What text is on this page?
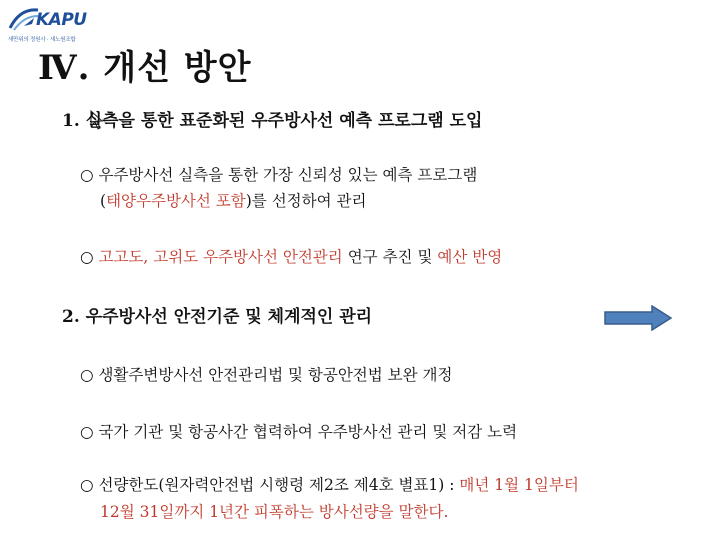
KAPU
새만위의 정원사 · 새노원조합
Ⅳ. 개선 방안
1. 실측을 통한 표준화된 우주방사선 예측 프로그램 도입
○ 우주방사선 실측을 통한 가장 신뢰성 있는 예측 프로그램
(태양우주방사선 포함)를 선정하여 관리
○ 고고도, 고위도 우주방사선 안전관리 연구 추진 및 예산 반영
2. 우주방사선 안전기준 및 체계적인 관리
○ 생활주변방사선 안전관리법 및 항공안전법 보완 개정
○ 국가 기관 및 항공사간 협력하여 우주방사선 관리 및 저감 노력
○ 선량한도(원자력안전법 시행령 제2조 제4호 별표1) : 매년 1월 1일부터
12월 31일까지 1년간 피폭하는 방사선량을 말한다.
